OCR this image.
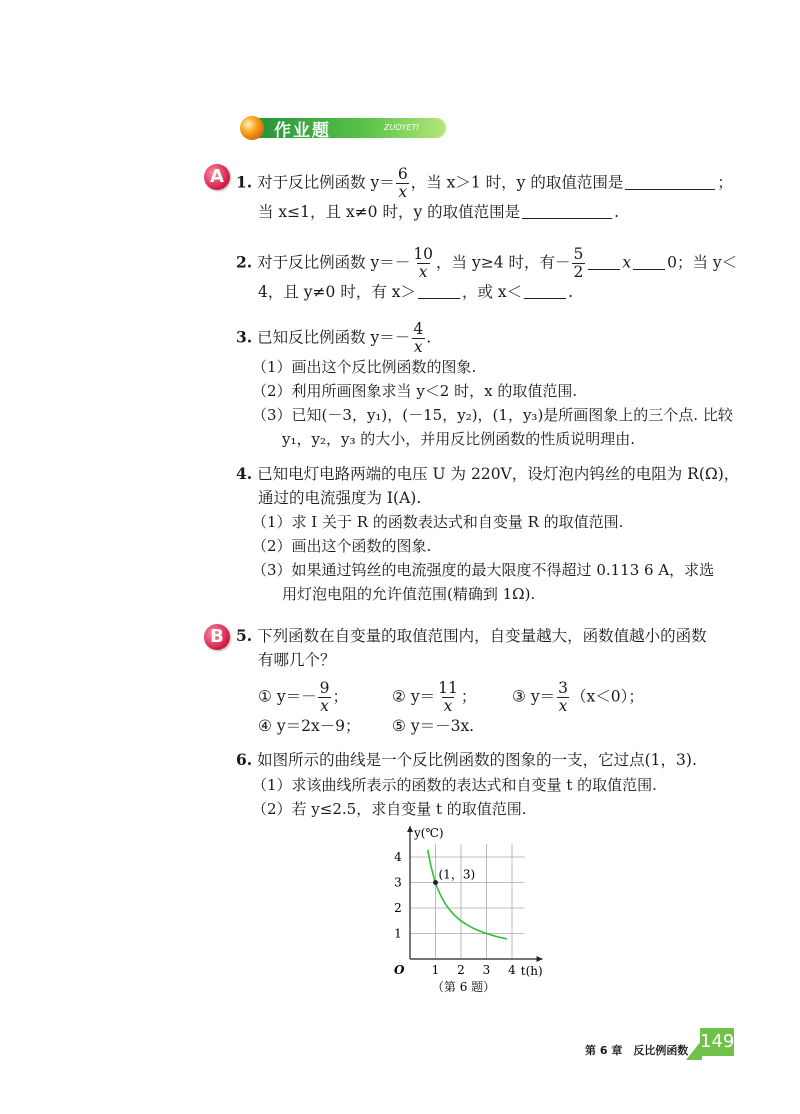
作业题	ZUOYETI
A 1. 对于反比例函数 $y= \frac{6}{x}$ ，当 x＞1 时，y 的取值范围是	；
当 x≤1，且 x≠0 时，y 的取值范围是	.
2. 对于反比例函数 $y=- \frac{10}{x}$ ，当 y≥4 时，有－ $\frac{5}{2}$ x 0；当 y＜
4，且 y≠0 时，有 x＞	，或 x＜	.
3. 已知反比例函数 $y=- \frac{4}{x}$ .
（1）画出这个反比例函数的图象.
（2）利用所画图象求当 y＜2 时，x 的取值范围.
（3）已知(－3，y₁)，(－15，y₂)，(1，y₃)是所画图象上的三个点. 比较
y₁，y₂，y₃ 的大小，并用反比例函数的性质说明理由.
4. 已知电灯电路两端的电压 U 为 220V，设灯泡内钨丝的电阻为 R(Ω)，
通过的电流强度为 I(A).
（1）求 I 关于 R 的函数表达式和自变量 R 的取值范围.
（2）画出这个函数的图象.
（3）如果通过钨丝的电流强度的最大限度不得超过 0.113 6 A，求选
用灯泡电阻的允许值范围(精确到 1Ω).
B 5. 下列函数在自变量的取值范围内，自变量越大，函数值越小的函数
有哪几个？
① $y=- \frac{9}{x}$ ；	② $y= \frac{11}{x}$ ； ③ $y= \frac{3}{x} (x<0)$；
④ y＝2x－9； ⑤ y＝－3x.
6. 如图所示的曲线是一个反比例函数的图象的一支，它过点(1，3).
（1）求该曲线所表示的函数的表达式和自变量 t 的取值范围.
（2）若 y≤2.5，求自变量 t 的取值范围.
1 2 3 4
1
2
3
4
O
y(℃)
t(h)
(1，3)
（第 6 题）
第 6 章　反比例函数 149
